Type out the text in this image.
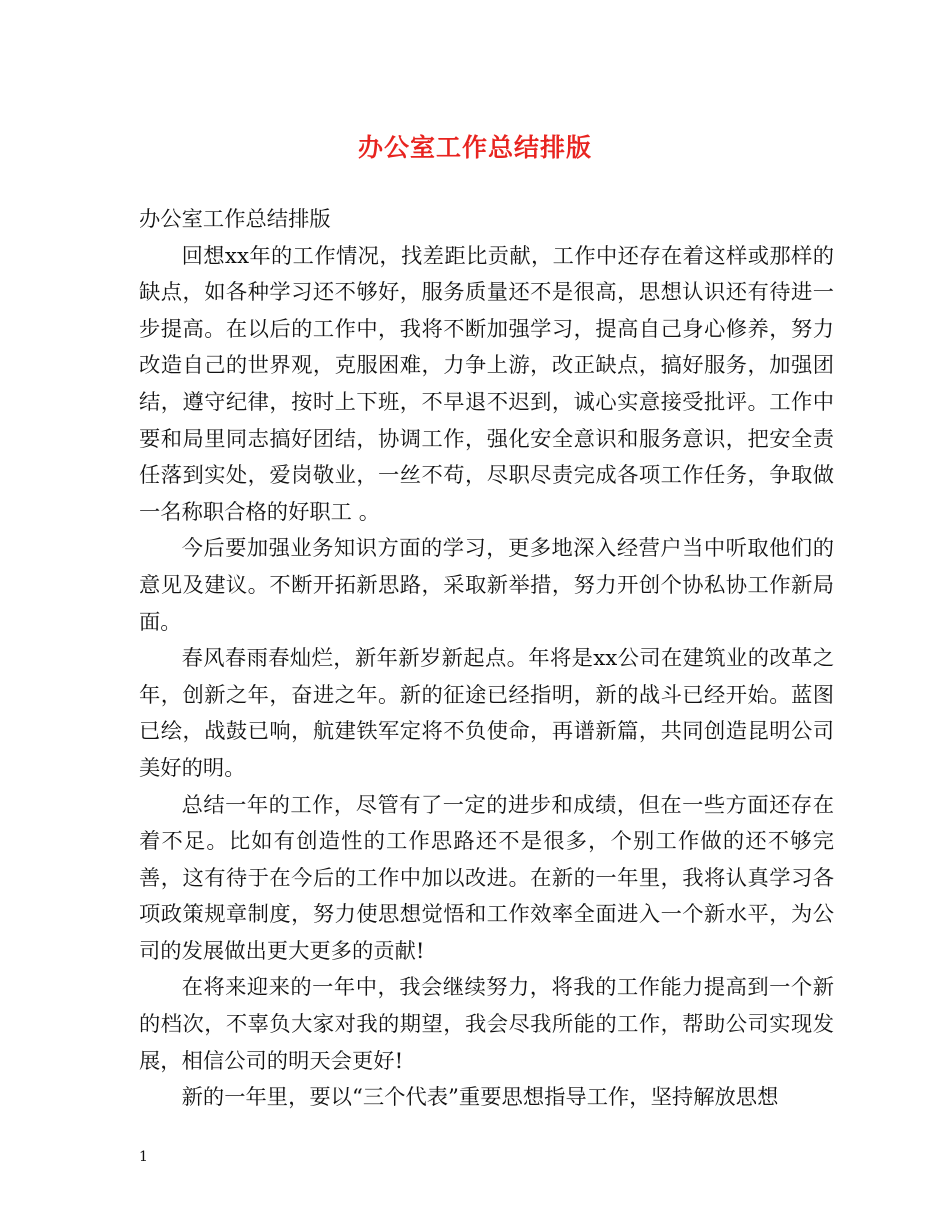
办公室工作总结排版

办公室工作总结排版

回想xx年的工作情况，找差距比贡献，工作中还存在着这样或那样的缺点，如各种学习还不够好，服务质量还不是很高，思想认识还有待进一步提高。在以后的工作中，我将不断加强学习，提高自己身心修养，努力改造自己的世界观，克服困难，力争上游，改正缺点，搞好服务，加强团结，遵守纪律，按时上下班，不早退不迟到，诚心实意接受批评。工作中要和局里同志搞好团结，协调工作，强化安全意识和服务意识，把安全责任落到实处，爱岗敬业，一丝不苟，尽职尽责完成各项工作任务，争取做一名称职合格的好职工 。

今后要加强业务知识方面的学习，更多地深入经营户当中听取他们的意见及建议。不断开拓新思路，采取新举措，努力开创个协私协工作新局面。

春风春雨春灿烂，新年新岁新起点。年将是xx公司在建筑业的改革之年，创新之年，奋进之年。新的征途已经指明，新的战斗已经开始。蓝图已绘，战鼓已响，航建铁军定将不负使命，再谱新篇，共同创造昆明公司美好的明。

总结一年的工作，尽管有了一定的进步和成绩，但在一些方面还存在着不足。比如有创造性的工作思路还不是很多，个别工作做的还不够完善，这有待于在今后的工作中加以改进。在新的一年里，我将认真学习各项政策规章制度，努力使思想觉悟和工作效率全面进入一个新水平，为公司的发展做出更大更多的贡献!

在将来迎来的一年中，我会继续努力，将我的工作能力提高到一个新的档次，不辜负大家对我的期望，我会尽我所能的工作，帮助公司实现发展，相信公司的明天会更好!

新的一年里，要以“三个代表”重要思想指导工作，坚持解放思想

1
